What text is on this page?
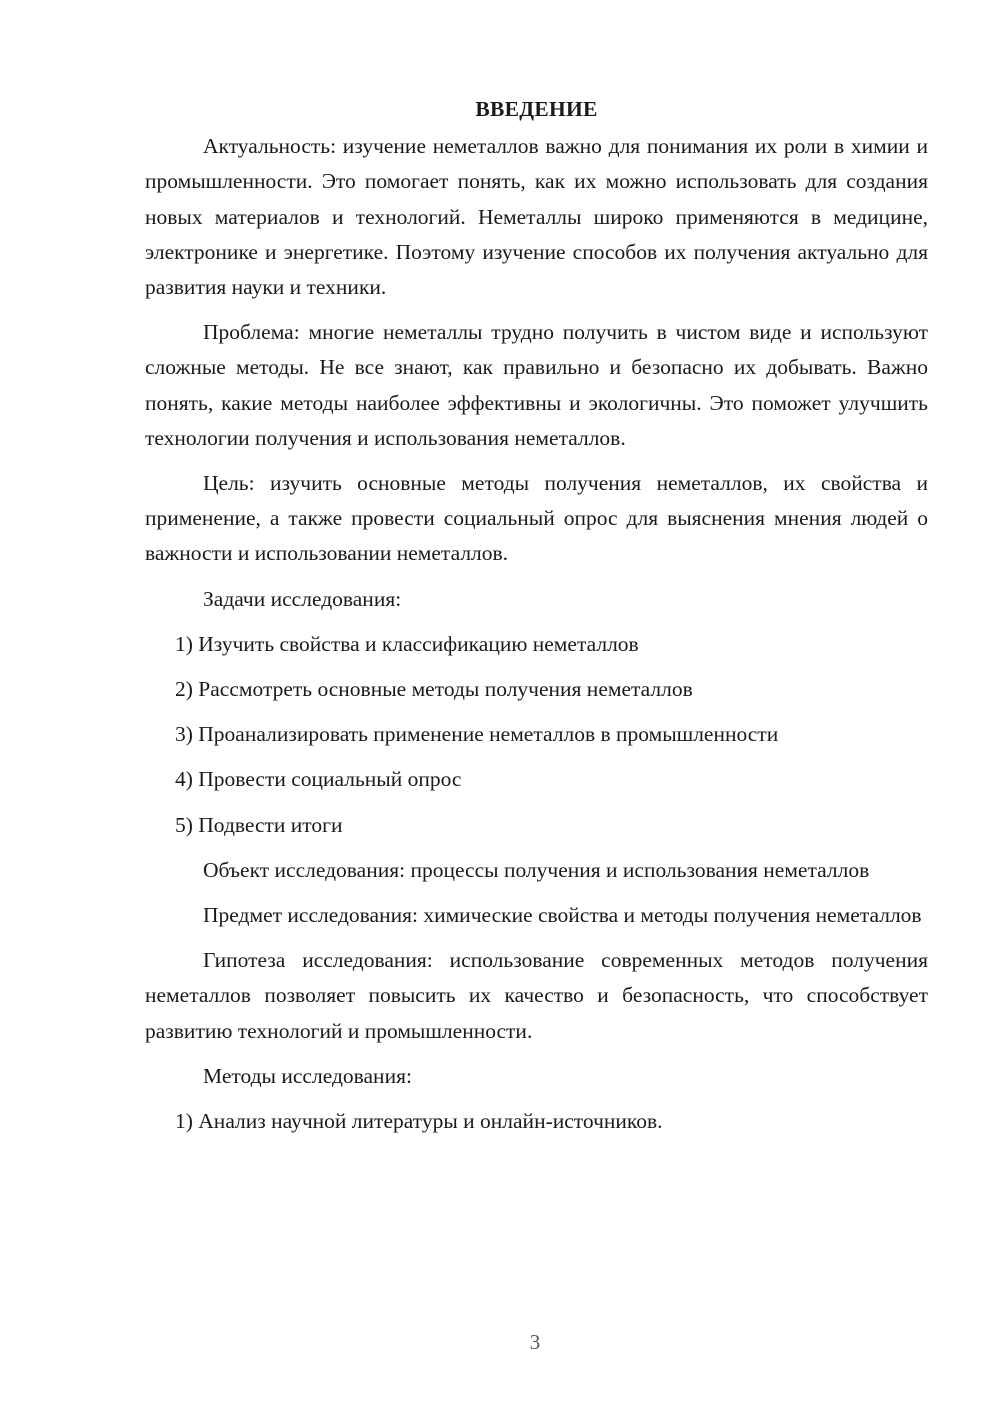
ВВЕДЕНИЕ

Актуальность: изучение неметаллов важно для понимания их роли в химии и промышленности. Это помогает понять, как их можно использовать для создания новых материалов и технологий. Неметаллы широко применяются в медицине, электронике и энергетике. Поэтому изучение способов их получения актуально для развития науки и техники.

Проблема: многие неметаллы трудно получить в чистом виде и используют сложные методы. Не все знают, как правильно и безопасно их добывать. Важно понять, какие методы наиболее эффективны и экологичны. Это поможет улучшить технологии получения и использования неметаллов.

Цель: изучить основные методы получения неметаллов, их свойства и применение, а также провести социальный опрос для выяснения мнения людей о важности и использовании неметаллов.

Задачи исследования:

1) Изучить свойства и классификацию неметаллов

2) Рассмотреть основные методы получения неметаллов

3) Проанализировать применение неметаллов в промышленности

4) Провести социальный опрос

5) Подвести итоги

Объект исследования: процессы получения и использования неметаллов

Предмет исследования: химические свойства и методы получения неметаллов

Гипотеза исследования: использование современных методов получения неметаллов позволяет повысить их качество и безопасность, что способствует развитию технологий и промышленности.

Методы исследования:

1) Анализ научной литературы и онлайн-источников.

3
